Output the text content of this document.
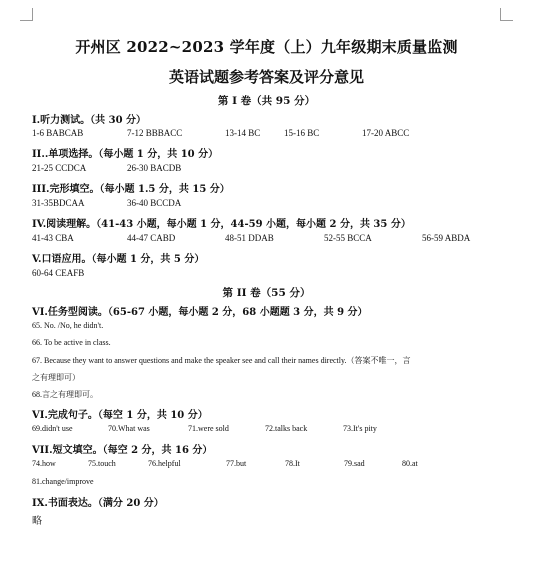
开州区 2022~2023 学年度（上）九年级期末质量监测
英语试题参考答案及评分意见
第 I 卷（共 95 分）
I.听力测试。（共 30 分）
1-6 BABCAB	7-12 BBBACC	13-14 BC	15-16 BC	17-20 ABCC
II..单项选择。（每小题 1 分，共 10 分）
21-25 CCDCA	26-30 BACDB
III.完形填空。（每小题 1.5 分，共 15 分）
31-35BDCAA	36-40 BCCDA
IV.阅读理解。（41-43 小题，每小题 1 分，44-59 小题，每小题 2 分，共 35 分）
41-43 CBA	44-47 CABD	48-51 DDAB	52-55 BCCA	56-59 ABDA
V.口语应用。（每小题 1 分，共 5 分）
60-64 CEAFB
第 II 卷（55 分）
VI.任务型阅读。（65-67 小题，每小题 2 分，68 小题题 3 分，共 9 分）
65. No. /No, he didn't.
66. To be active in class.
67. Because they want to answer questions and make the speaker see and call their names directly.（答案不唯一，言
之有理即可）
68.言之有理即可。
VI.完成句子。（每空 1 分，共 10 分）
69.didn't use	70.What was	71.were sold	72.talks back	73.It's pity
VII.短文填空。（每空 2 分，共 16 分）
74.how	75.touch	76.helpful	77.but	78.It	79.sad	80.at
81.change/improve
IX.书面表达。（满分 20 分）
略
